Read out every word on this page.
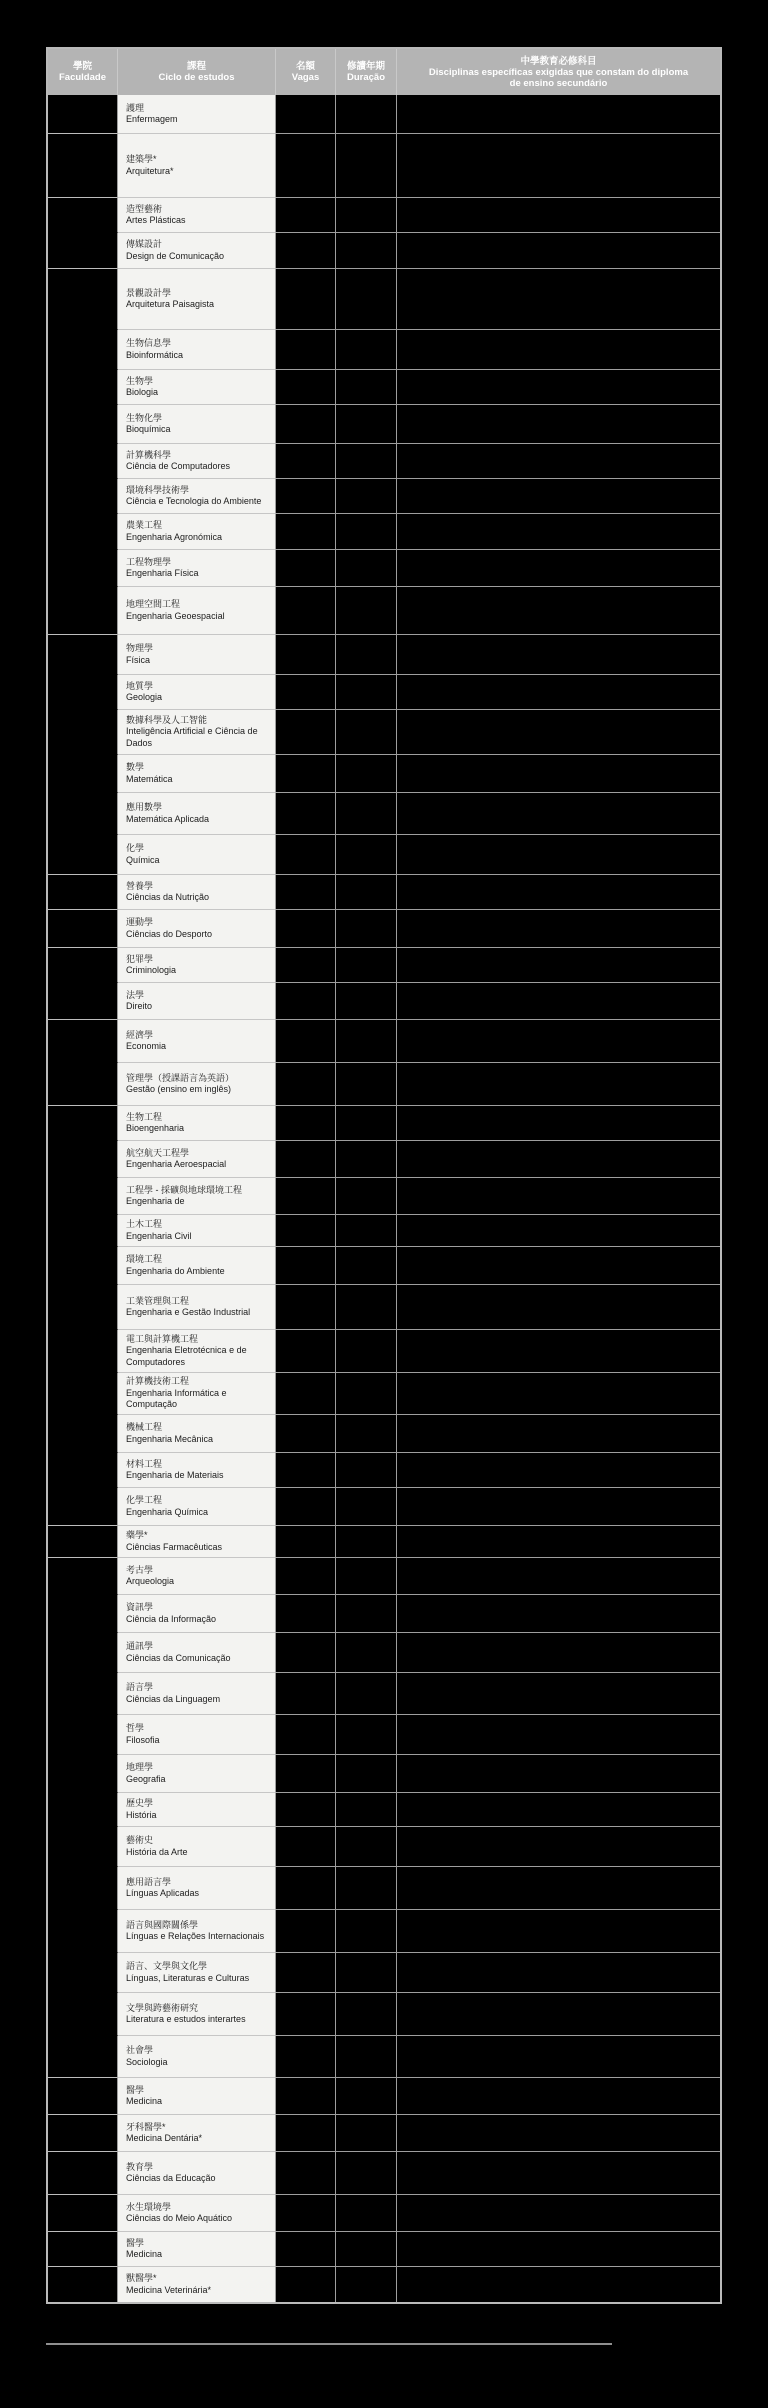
學院
Faculdade
課程
Ciclo de estudos
名額
Vagas
修讀年期
Duração
中學教育必修科目
Disciplinas específicas exigidas que constam do diploma de ensino secundário
護理
Enfermagem
建築學*
Arquitetura*
造型藝術
Artes Plásticas
傳媒設計
Design de Comunicação
景觀設計學
Arquitetura Paisagista
生物信息學
Bioinformática
生物學
Biologia
生物化學
Bioquímica
計算機科學
Ciência de Computadores
環境科學技術學
Ciência e Tecnologia do Ambiente
農業工程
Engenharia Agronómica
工程物理學
Engenharia Física
地理空間工程
Engenharia Geoespacial
物理學
Física
地質學
Geologia
數據科學及人工智能
Inteligência Artificial e Ciência de Dados
數學
Matemática
應用數學
Matemática Aplicada
化學
Química
營養學
Ciências da Nutrição
運動學
Ciências do Desporto
犯罪學
Criminologia
法學
Direito
經濟學
Economia
管理學（授課語言為英語）
Gestão (ensino em inglês)
生物工程
Bioengenharia
航空航天工程學
Engenharia Aeroespacial
工程學 - 採礦與地球環境工程
Engenharia de
土木工程
Engenharia Civil
環境工程
Engenharia do Ambiente
工業管理與工程
Engenharia e Gestão Industrial
電工與計算機工程
Engenharia Eletrotécnica e de Computadores
計算機技術工程
Engenharia Informática e Computação
機械工程
Engenharia Mecânica
材料工程
Engenharia de Materiais
化學工程
Engenharia Química
藥學*
Ciências Farmacêuticas
考古學
Arqueologia
資訊學
Ciência da Informação
通訊學
Ciências da Comunicação
語言學
Ciências da Linguagem
哲學
Filosofia
地理學
Geografia
歷史學
História
藝術史
História da Arte
應用語言學
Línguas Aplicadas
語言與國際關係學
Línguas e Relações Internacionais
語言、文學與文化學
Línguas, Literaturas e Culturas
文學與跨藝術研究
Literatura e estudos interartes
社會學
Sociologia
醫學
Medicina
牙科醫學*
Medicina Dentária*
教育學
Ciências da Educação
水生環境學
Ciências do Meio Aquático
醫學
Medicina
獸醫學*
Medicina Veterinária*
